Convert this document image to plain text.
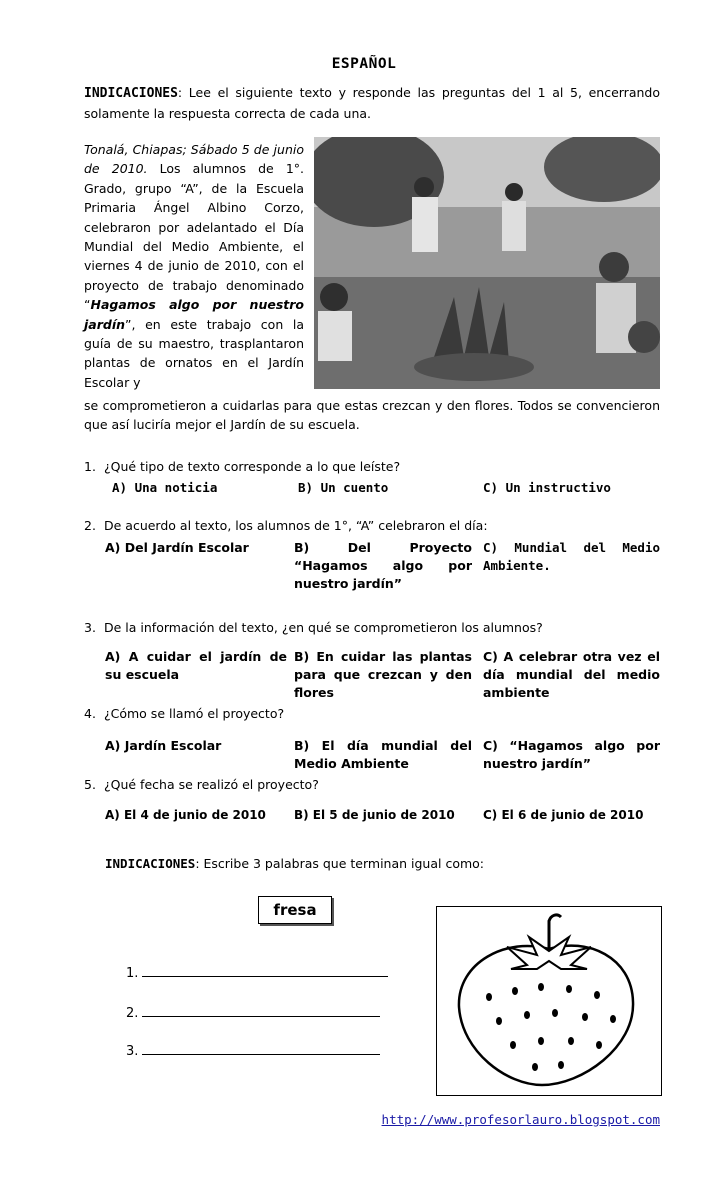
ESPAÑOL
INDICACIONES: Lee el siguiente texto y responde las preguntas del 1 al 5, encerrando solamente la respuesta correcta de cada una.
Tonalá, Chiapas; Sábado 5 de junio de 2010. Los alumnos de 1°. Grado, grupo “A”, de la Escuela Primaria Ángel Albino Corzo, celebraron por adelantado el Día Mundial del Medio Ambiente, el viernes 4 de junio de 2010, con el proyecto de trabajo denominado “Hagamos algo por nuestro jardín”, en este trabajo con la guía de su maestro, trasplantaron plantas de ornatos en el Jardín Escolar y
se comprometieron a cuidarlas para que estas crezcan y den flores. Todos se convencieron que así luciría mejor el Jardín de su escuela.
1. ¿Qué tipo de texto corresponde a lo que leíste?
A) Una noticia	B) Un cuento	C) Un instructivo
2. De acuerdo al texto, los alumnos de 1°, “A” celebraron el día:
A) Del Jardín Escolar	B) Del Proyecto “Hagamos algo por nuestro jardín”
C) Mundial del Medio Ambiente.
3. De la información del texto, ¿en qué se comprometieron los alumnos?
A) A cuidar el jardín de su escuela
B) En cuidar las plantas para que crezcan y den flores
C) A celebrar otra vez el día mundial del medio ambiente
4. ¿Cómo se llamó el proyecto?
A) Jardín Escolar	B) El día mundial del Medio Ambiente
C) “Hagamos algo por nuestro jardín”
5. ¿Qué fecha se realizó el proyecto?
A) El 4 de junio de 2010	B) El 5 de junio de 2010	C) El 6 de junio de 2010
INDICACIONES: Escribe 3 palabras que terminan igual como:
fresa
1.
2.
3.
http://www.profesorlauro.blogspot.com
